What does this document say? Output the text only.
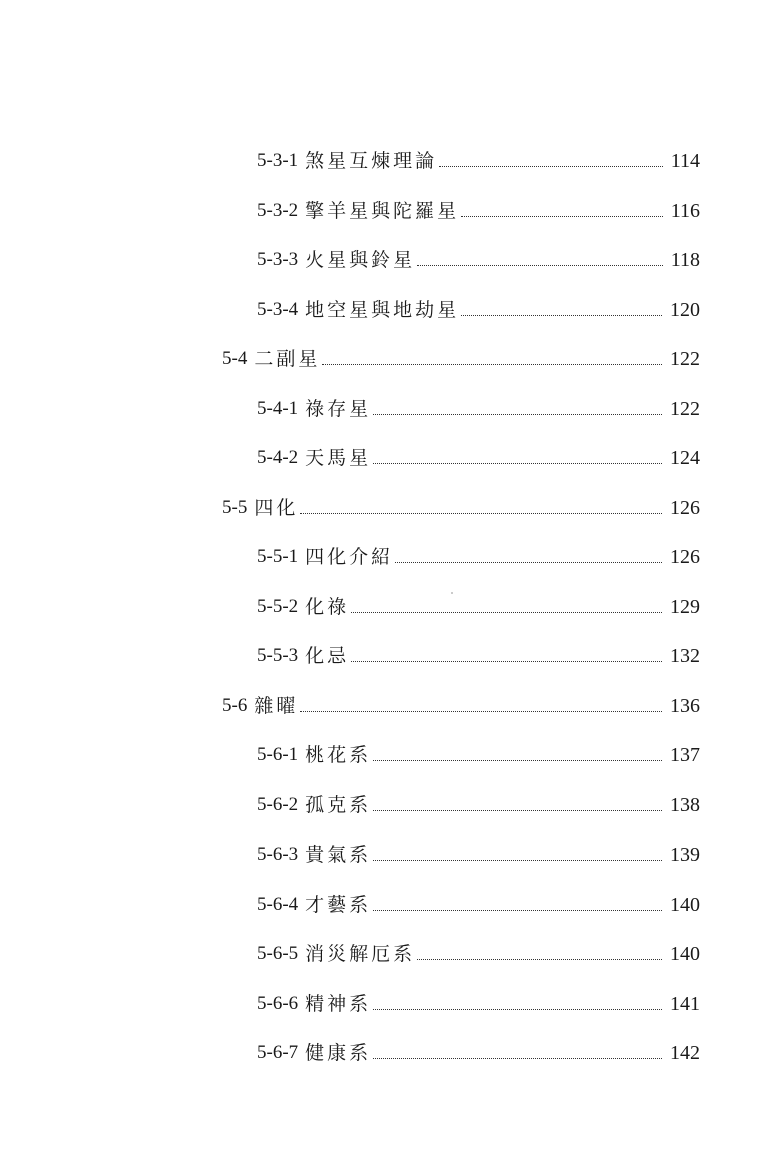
5-3-1 煞星互煉理論	114
5-3-2 擎羊星與陀羅星	116
5-3-3 火星與鈴星	118
5-3-4 地空星與地劫星	120
5-4 二副星	122
5-4-1 祿存星	122
5-4-2 天馬星	124
5-5 四化	126
5-5-1 四化介紹	126
5-5-2 化祿	129
5-5-3 化忌	132
5-6 雜曜	136
5-6-1 桃花系	137
5-6-2 孤克系	138
5-6-3 貴氣系	139
5-6-4 才藝系	140
5-6-5 消災解厄系	140
5-6-6 精神系	141
5-6-7 健康系	142
